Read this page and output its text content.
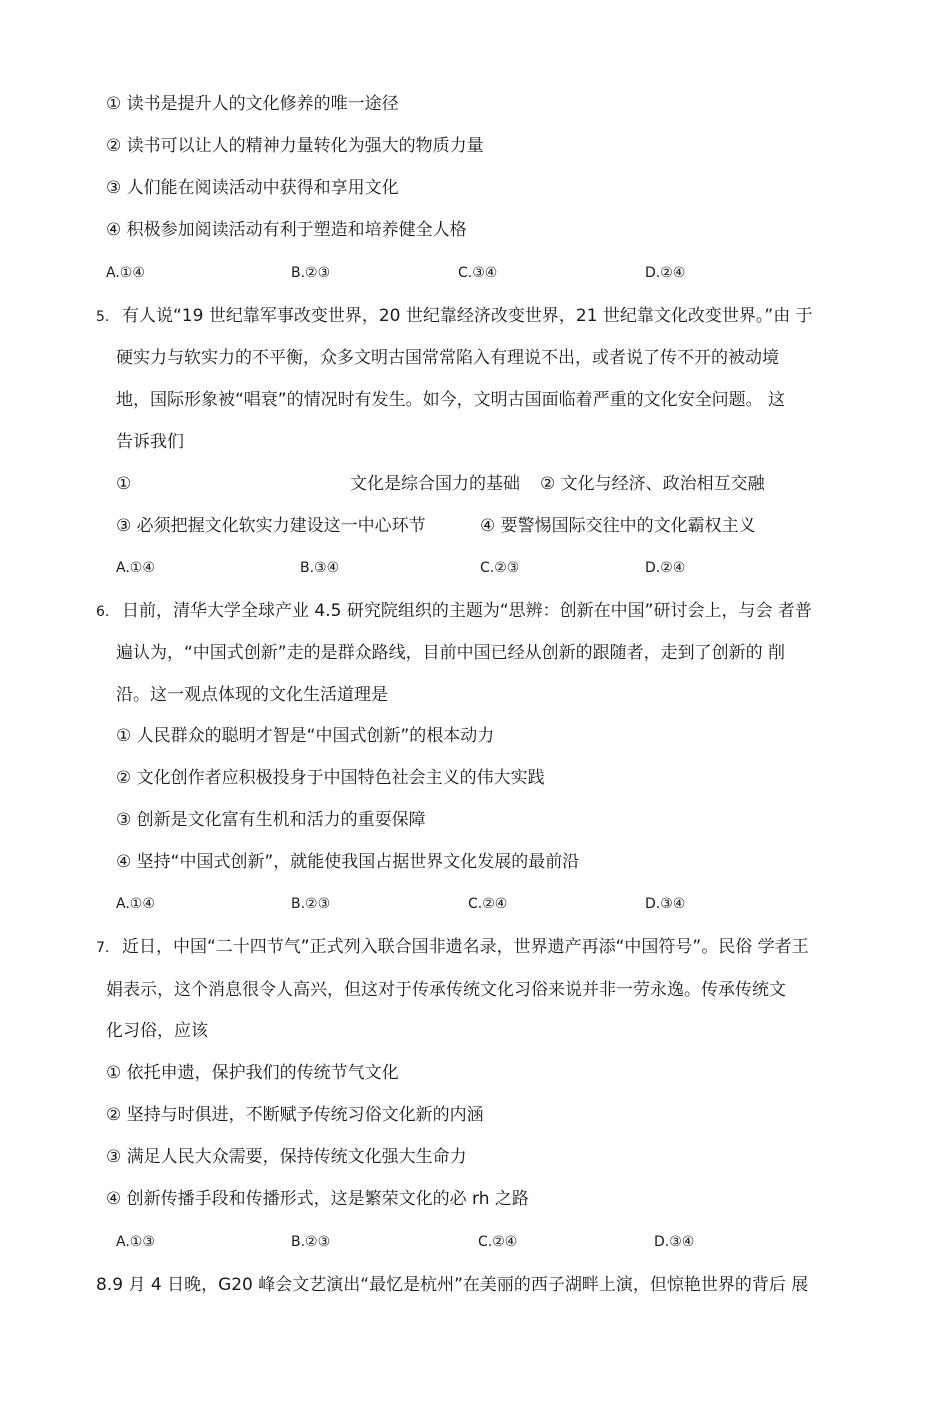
① 读书是提升人的文化修养的唯一途径
② 读书可以让人的精神力量转化为强大的物质力量
③ 人们能在阅读活动中获得和享用文化
④ 积极参加阅读活动有利于塑造和培养健全人格
A.①④	B.②③	C.③④	D.②④
5. 有人说“19 世纪靠军事改变世界，20 世纪靠经济改变世界，21 世纪靠文化改变世界。”由 于
硬实力与软实力的不平衡，众多文明古国常常陷入有理说不出，或者说了传不开的被动境
地，国际形象被“唱衰”的情况时有发生。如今，文明古国面临着严重的文化安全问题。 这
告诉我们
①	文化是综合国力的基础 ② 文化与经济、政治相互交融
③ 必须把握文化软实力建设这一中心环节	④ 要警惕国际交往中的文化霸权主义
A.①④	B.③④	C.②③	D.②④
6. 日前，清华大学全球产业 4.5 研究院组织的主题为“思辨：创新在中国”研讨会上，与会 者普
遍认为，“中国式创新”走的是群众路线，目前中国已经从创新的跟随者，走到了创新的 削
沿。这一观点体现的文化生活道理是
① 人民群众的聪明才智是“中国式创新”的根本动力
② 文化创作者应积极投身于中国特色社会主义的伟大实践
③ 创新是文化富有生机和活力的重耍保障
④ 坚持“中国式创新”，就能使我国占据世界文化发展的最前沿
A.①④	B.②③	C.②④	D.③④
7. 近日，中国“二十四节气”正式列入联合国非遗名录，世界遗产再添“中国符号”。民俗 学者王
娟表示，这个消息很令人高兴，但这对于传承传统文化习俗来说并非一劳永逸。传承传统文
化习俗，应该
① 依托申遗，保护我们的传统节气文化
② 坚持与时俱进，不断赋予传统习俗文化新的内涵
③ 满足人民大众需要，保持传统文化强大生命力
④ 创新传播手段和传播形式，这是繁荣文化的必 rh 之路
A.①③	B.②③	C.②④	D.③④
8.9 月 4 日晚，G20 峰会文艺演出“最忆是杭州”在美丽的西子湖畔上演，但惊艳世界的背后 展
